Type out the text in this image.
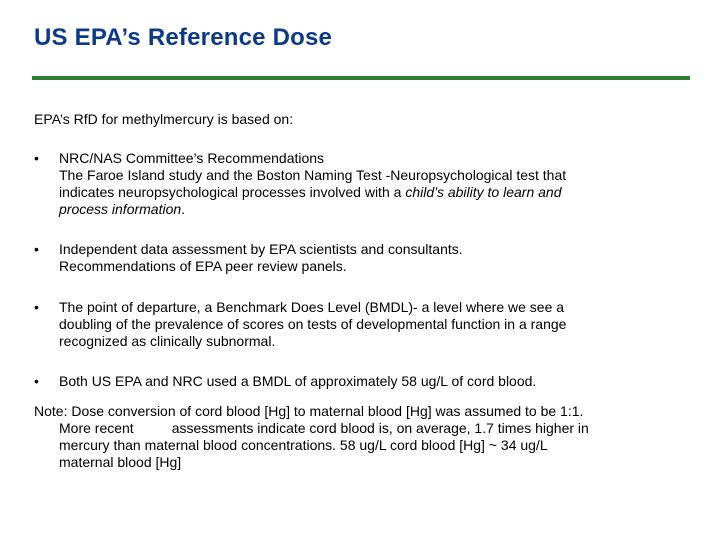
US EPA’s Reference Dose
EPA’s RfD for methylmercury is based on:
•	NRC/NAS Committee’s Recommendations
The Faroe Island study and the Boston Naming Test -Neuropsychological test that
indicates neuropsychological processes involved with a child’s ability to learn and
process information.
•	Independent data assessment by EPA scientists and consultants.
Recommendations of EPA peer review panels.
•	The point of departure, a Benchmark Does Level (BMDL)- a level where we see a
doubling of the prevalence of scores on tests of developmental function in a range
recognized as clinically subnormal.
•	Both US EPA and NRC used a BMDL of approximately 58 ug/L of cord blood.
Note: Dose conversion of cord blood [Hg] to maternal blood [Hg] was assumed to be 1:1.
More recent	assessments indicate cord blood is, on average, 1.7 times higher in
mercury than maternal blood concentrations. 58 ug/L cord blood [Hg] ~ 34 ug/L
maternal blood [Hg]
